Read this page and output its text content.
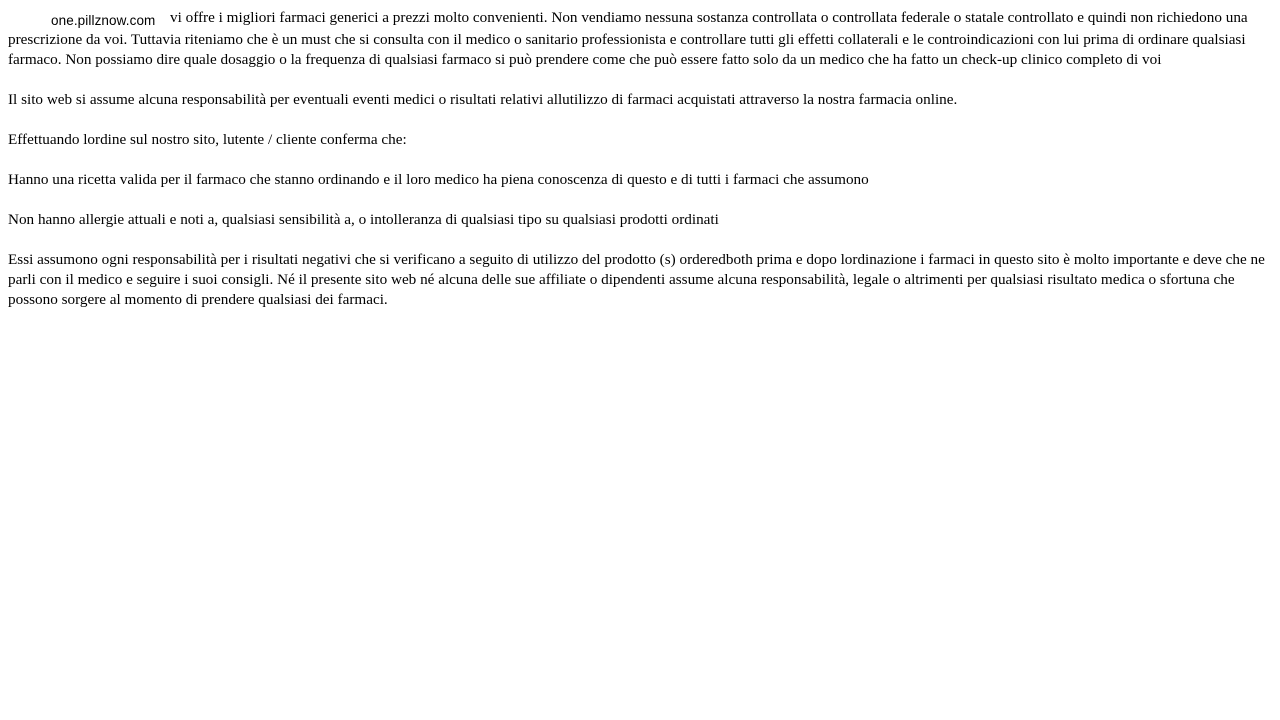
one.pillznow.com vi offre i migliori farmaci generici a prezzi molto convenienti. Non vendiamo nessuna sostanza controllata o controllata federale o statale controllato e quindi non richiedono una prescrizione da voi. Tuttavia riteniamo che è un must che si consulta con il medico o sanitario professionista e controllare tutti gli effetti collaterali e le controindicazioni con lui prima di ordinare qualsiasi farmaco. Non possiamo dire quale dosaggio o la frequenza di qualsiasi farmaco si può prendere come che può essere fatto solo da un medico che ha fatto un check-up clinico completo di voi

Il sito web si assume alcuna responsabilità per eventuali eventi medici o risultati relativi allutilizzo di farmaci acquistati attraverso la nostra farmacia online.

Effettuando lordine sul nostro sito, lutente / cliente conferma che:

Hanno una ricetta valida per il farmaco che stanno ordinando e il loro medico ha piena conoscenza di questo e di tutti i farmaci che assumono

Non hanno allergie attuali e noti a, qualsiasi sensibilità a, o intolleranza di qualsiasi tipo su qualsiasi prodotti ordinati

Essi assumono ogni responsabilità per i risultati negativi che si verificano a seguito di utilizzo del prodotto (s) orderedboth prima e dopo lordinazione i farmaci in questo sito è molto importante e deve che ne parli con il medico e seguire i suoi consigli. Né il presente sito web né alcuna delle sue affiliate o dipendenti assume alcuna responsabilità, legale o altrimenti per qualsiasi risultato medica o sfortuna che possono sorgere al momento di prendere qualsiasi dei farmaci.
